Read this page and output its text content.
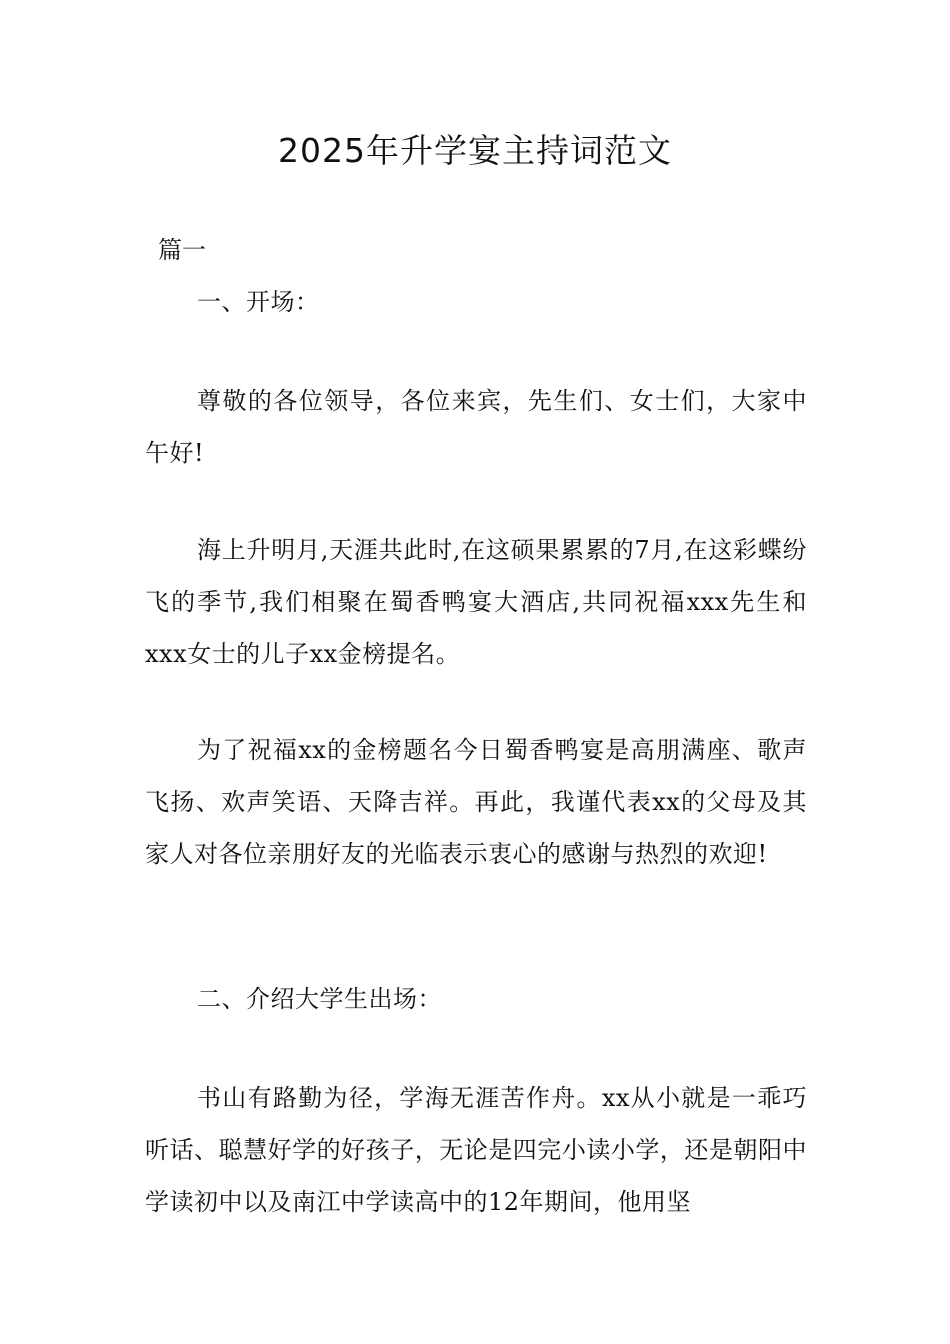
2025年升学宴主持词范文

篇一

一、开场：

尊敬的各位领导，各位来宾，先生们、女士们，大家中午好!

海上升明月,天涯共此时,在这硕果累累的7月,在这彩蝶纷飞的季节,我们相聚在蜀香鸭宴大酒店,共同祝福xxx先生和xxx女士的儿子xx金榜提名。

为了祝福xx的金榜题名今日蜀香鸭宴是高朋满座、歌声飞扬、欢声笑语、天降吉祥。再此，我谨代表xx的父母及其家人对各位亲朋好友的光临表示衷心的感谢与热烈的欢迎!

二、介绍大学生出场：

书山有路勤为径，学海无涯苦作舟。xx从小就是一乖巧听话、聪慧好学的好孩子，无论是四完小读小学，还是朝阳中学读初中以及南江中学读高中的12年期间，他用坚
